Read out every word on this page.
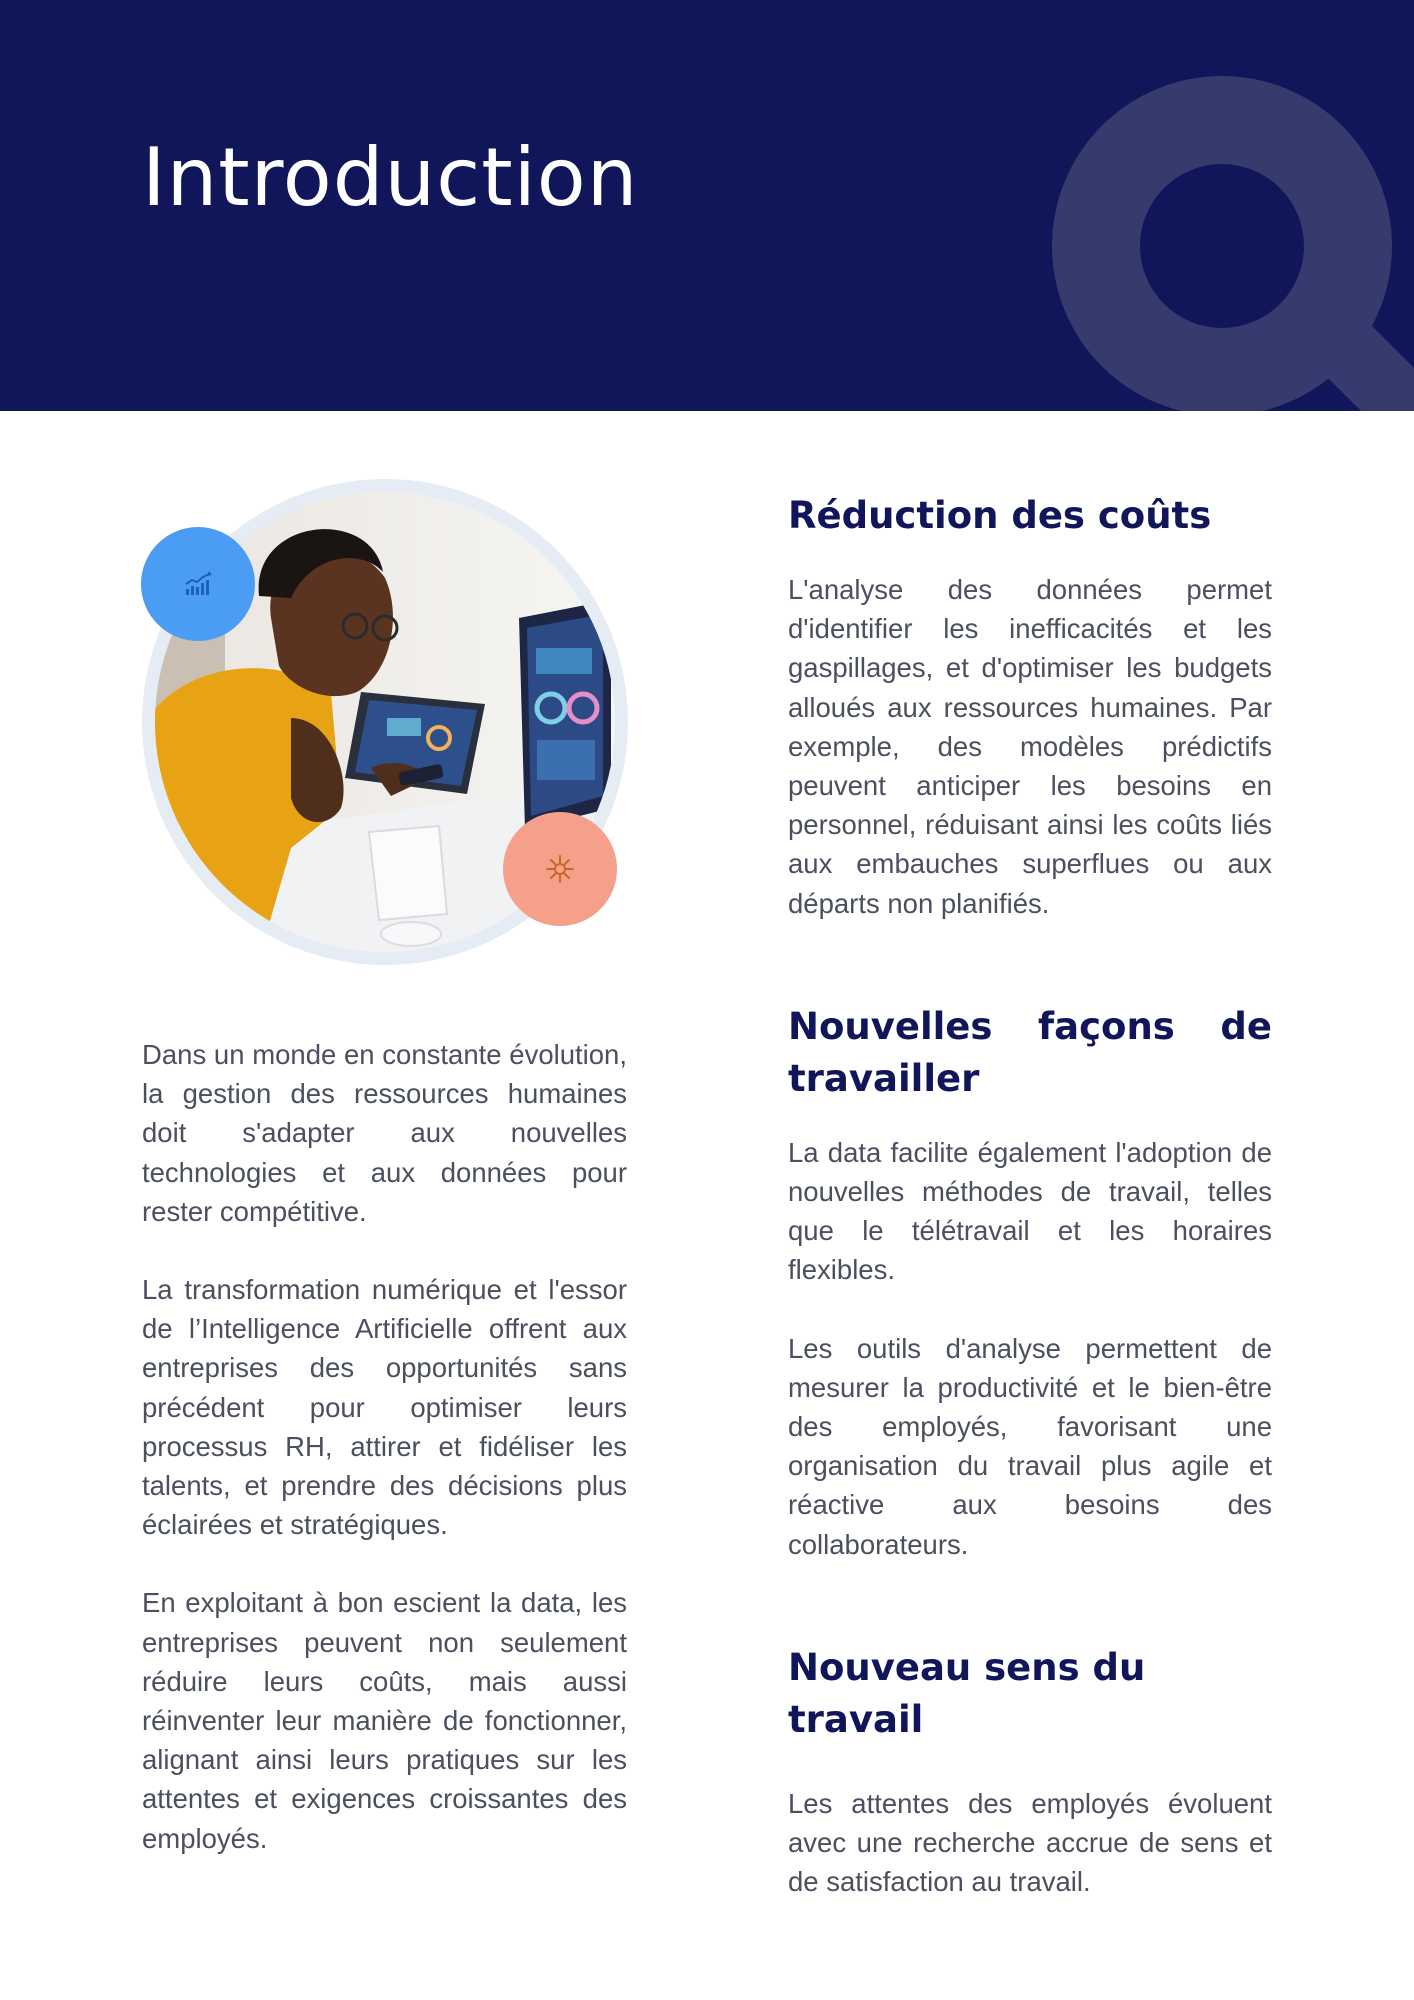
Introduction

Dans un monde en constante évolution, la gestion des ressources humaines doit s'adapter aux nouvelles technologies et aux données pour rester compétitive.

La transformation numérique et l'essor de l’Intelligence Artificielle offrent aux entreprises des opportunités sans précédent pour optimiser leurs processus RH, attirer et fidéliser les talents, et prendre des décisions plus éclairées et stratégiques.

En exploitant à bon escient la data, les entreprises peuvent non seulement réduire leurs coûts, mais aussi réinventer leur manière de fonctionner, alignant ainsi leurs pratiques sur les attentes et exigences croissantes des employés.

Réduction des coûts

L'analyse des données permet d'identifier les inefficacités et les gaspillages, et d'optimiser les budgets alloués aux ressources humaines. Par exemple, des modèles prédictifs peuvent anticiper les besoins en personnel, réduisant ainsi les coûts liés aux embauches superflues ou aux départs non planifiés.

Nouvelles façons de travailler

La data facilite également l'adoption de nouvelles méthodes de travail, telles que le télétravail et les horaires flexibles.

Les outils d'analyse permettent de mesurer la productivité et le bien-être des employés, favorisant une organisation du travail plus agile et réactive aux besoins des collaborateurs.

Nouveau sens du travail

Les attentes des employés évoluent avec une recherche accrue de sens et de satisfaction au travail.
